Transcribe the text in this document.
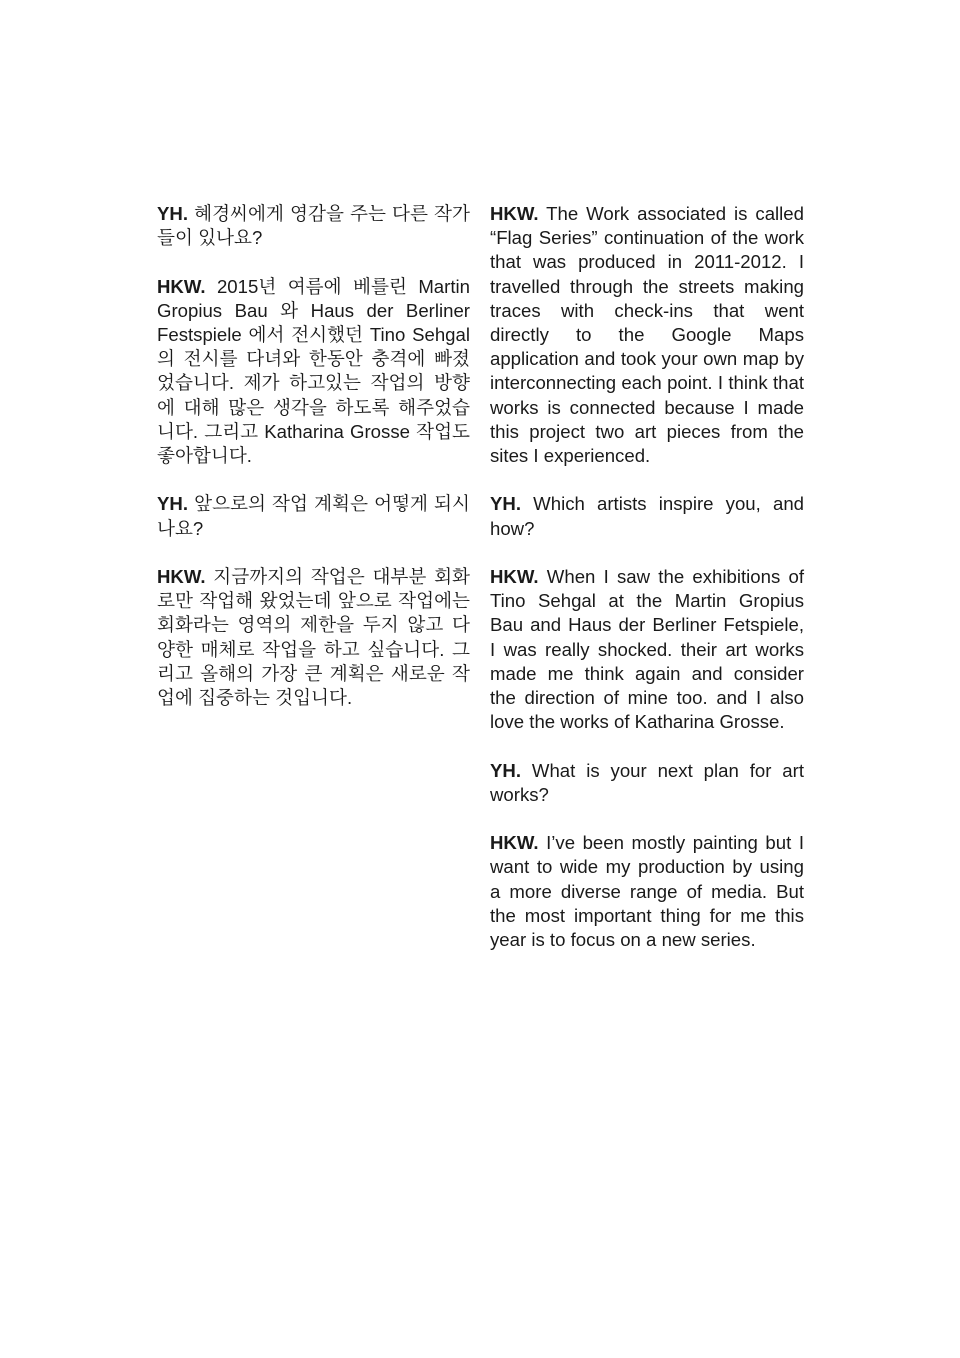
YH. 혜경씨에게 영감을 주는 다른 작가들이 있나요?

HKW. 2015년 여름에 베를린 Martin Gropius Bau 와 Haus der Berliner Festspiele 에서 전시했던 Tino Sehgal 의 전시를 다녀와 한동안 충격에 빠졌었습니다. 제가 하고있는 작업의 방향에 대해 많은 생각을 하도록 해주었습니다. 그리고 Katharina Grosse 작업도 좋아합니다.

YH. 앞으로의 작업 계획은 어떻게 되시나요?

HKW. 지금까지의 작업은 대부분 회화로만 작업해 왔었는데 앞으로 작업에는 회화라는 영역의 제한을 두지 않고 다양한 매체로 작업을 하고 싶습니다. 그리고 올해의 가장 큰 계획은 새로운 작업에 집중하는 것입니다.

HKW. The Work associated is called “Flag Series” continuation of the work that was produced in 2011-2012. I travelled through the streets making traces with check-ins that went directly to the Google Maps application and took your own map by interconnecting each point. I think that works is connected because I made this project two art pieces from the sites I experienced.

YH. Which artists inspire you, and how?

HKW. When I saw the exhibitions of Tino Sehgal at the Martin Gropius Bau and Haus der Berliner Fetspiele, I was really shocked. their art works made me think again and consider the direction of mine too. and I also love the works of Katharina Grosse.

YH. What is your next plan for art works?

HKW. I’ve been mostly painting but I want to wide my production by using a more diverse range of media. But the most important thing for me this year is to focus on a new series.
